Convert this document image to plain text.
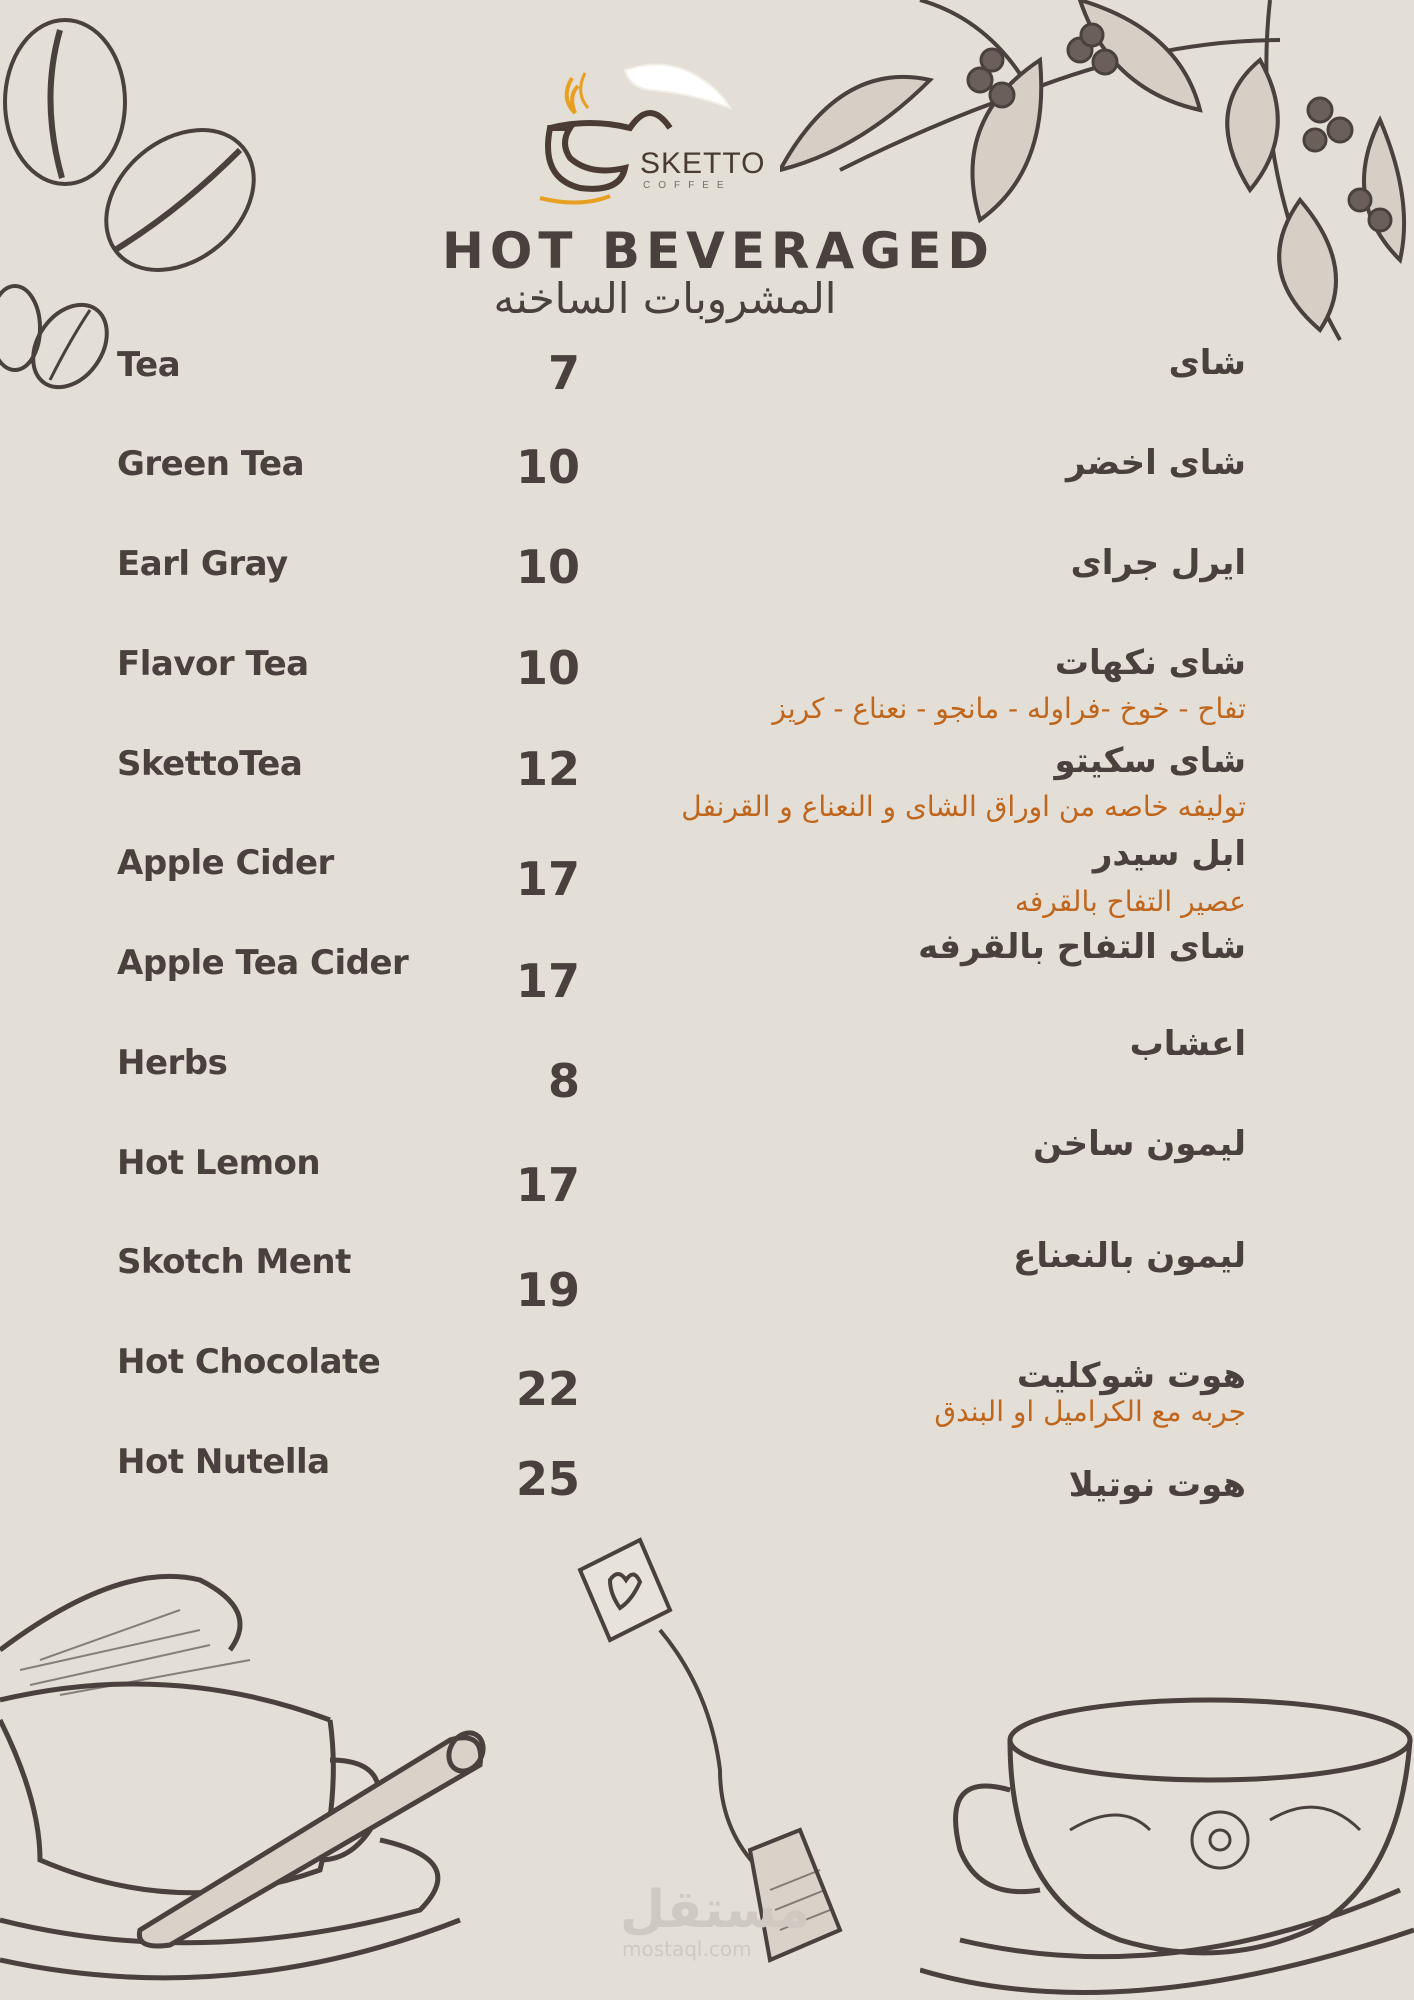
SKETTO
COFFEE
HOT BEVERAGED
المشروبات الساخنه
Tea
Green Tea
Earl Gray
Flavor Tea
SkettoTea
Apple Cider
Apple Tea Cider
Herbs
Hot Lemon
Skotch Ment
Hot Chocolate
Hot Nutella
7
10
10
10
12
17
17
8
17
19
22
25
شاى
شاى اخضر
ايرل جراى
شاى نكهات
تفاح - خوخ -فراوله - مانجو - نعناع - كريز
شاى سكيتو
توليفه خاصه من اوراق الشاى و النعناع و القرنفل
ابل سيدر
عصير التفاح بالقرفه
شاى التفاح بالقرفه
اعشاب
ليمون ساخن
ليمون بالنعناع
هوت شوكليت
جربه مع الكراميل او البندق
هوت نوتيلا
مستقل
mostaql.com
